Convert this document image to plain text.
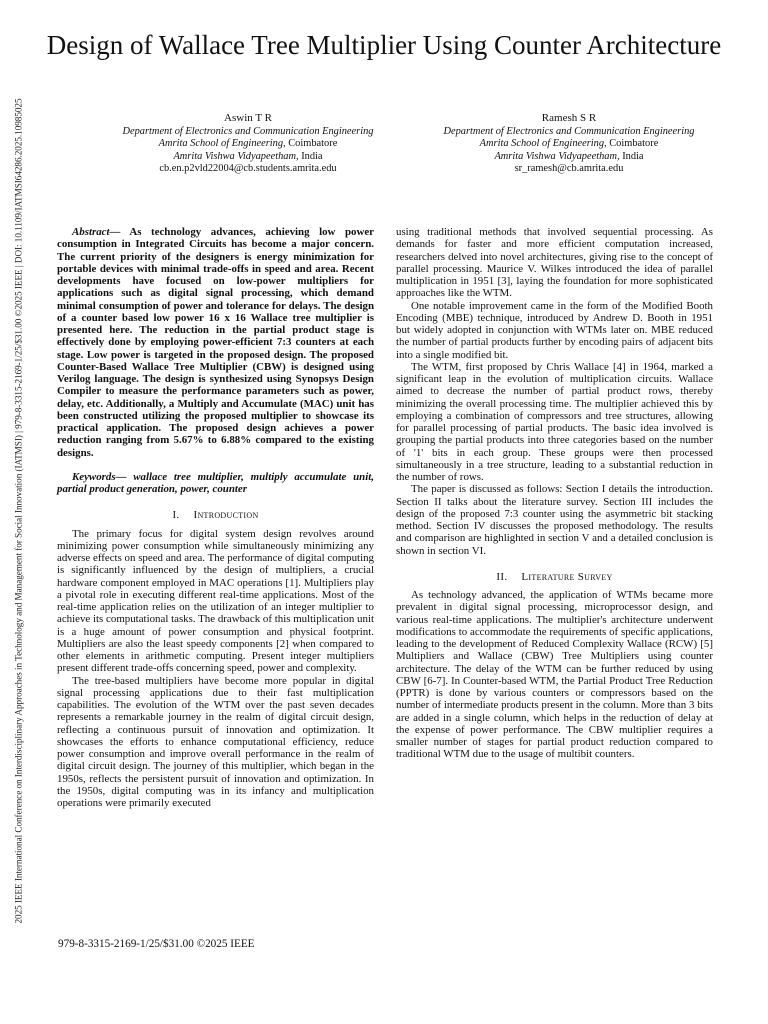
2025 IEEE International Conference on Interdisciplinary Approaches in Technology and Management for Social Innovation (IATMSI) | 979-8-3315-2169-1/25/$31.00 ©2025 IEEE | DOI: 10.1109/IATMSI64286.2025.10985025
Design of Wallace Tree Multiplier Using Counter Architecture
Aswin T R
Department of Electronics and Communication Engineering
Amrita School of Engineering, Coimbatore
Amrita Vishwa Vidyapeetham, India
cb.en.p2vld22004@cb.students.amrita.edu
Ramesh S R
Department of Electronics and Communication Engineering
Amrita School of Engineering, Coimbatore
Amrita Vishwa Vidyapeetham, India
sr_ramesh@cb.amrita.edu

Abstract— As technology advances, achieving low power consumption in Integrated Circuits has become a major concern. The current priority of the designers is energy minimization for portable devices with minimal trade-offs in speed and area. Recent developments have focused on low-power multipliers for applications such as digital signal processing, which demand minimal consumption of power and tolerance for delays. The design of a counter based low power 16 x 16 Wallace tree multiplier is presented here. The reduction in the partial product stage is effectively done by employing power-efficient 7:3 counters at each stage. Low power is targeted in the proposed design. The proposed Counter-Based Wallace Tree Multiplier (CBW) is designed using Verilog language. The design is synthesized using Synopsys Design Compiler to measure the performance parameters such as power, delay, etc. Additionally, a Multiply and Accumulate (MAC) unit has been constructed utilizing the proposed multiplier to showcase its practical application. The proposed design achieves a power reduction ranging from 5.67% to 6.88% compared to the existing designs.

Keywords— wallace tree multiplier, multiply accumulate unit, partial product generation, power, counter

I. Introduction

The primary focus for digital system design revolves around minimizing power consumption while simultaneously minimizing any adverse effects on speed and area. The performance of digital computing is significantly influenced by the design of multipliers, a crucial hardware component employed in MAC operations [1]. Multipliers play a pivotal role in executing different real-time applications. Most of the real-time application relies on the utilization of an integer multiplier to achieve its computational tasks. The drawback of this multiplication unit is a huge amount of power consumption and physical footprint. Multipliers are also the least speedy components [2] when compared to other elements in arithmetic computing. Present integer multipliers present different trade-offs concerning speed, power and complexity.

The tree-based multipliers have become more popular in digital signal processing applications due to their fast multiplication capabilities. The evolution of the WTM over the past seven decades represents a remarkable journey in the realm of digital circuit design, reflecting a continuous pursuit of innovation and optimization. It showcases the efforts to enhance computational efficiency, reduce power consumption and improve overall performance in the realm of digital circuit design. The journey of this multiplier, which began in the 1950s, reflects the persistent pursuit of innovation and optimization. In the 1950s, digital computing was in its infancy and multiplication operations were primarily executed

using traditional methods that involved sequential processing. As demands for faster and more efficient computation increased, researchers delved into novel architectures, giving rise to the concept of parallel processing. Maurice V. Wilkes introduced the idea of parallel multiplication in 1951 [3], laying the foundation for more sophisticated approaches like the WTM.

One notable improvement came in the form of the Modified Booth Encoding (MBE) technique, introduced by Andrew D. Booth in 1951 but widely adopted in conjunction with WTMs later on. MBE reduced the number of partial products further by encoding pairs of adjacent bits into a single modified bit.

The WTM, first proposed by Chris Wallace [4] in 1964, marked a significant leap in the evolution of multiplication circuits. Wallace aimed to decrease the number of partial product rows, thereby minimizing the overall processing time. The multiplier achieved this by employing a combination of compressors and tree structures, allowing for parallel processing of partial products. The basic idea involved is grouping the partial products into three categories based on the number of '1' bits in each group. These groups were then processed simultaneously in a tree structure, leading to a substantial reduction in the number of rows.

The paper is discussed as follows: Section I details the introduction. Section II talks about the literature survey. Section III includes the design of the proposed 7:3 counter using the asymmetric bit stacking method. Section IV discusses the proposed methodology. The results and comparison are highlighted in section V and a detailed conclusion is shown in section VI.

II. Literature Survey

As technology advanced, the application of WTMs became more prevalent in digital signal processing, microprocessor design, and various real-time applications. The multiplier's architecture underwent modifications to accommodate the requirements of specific applications, leading to the development of Reduced Complexity Wallace (RCW) [5] Multipliers and Wallace (CBW) Tree Multipliers using counter architecture. The delay of the WTM can be further reduced by using CBW [6-7]. In Counter-based WTM, the Partial Product Tree Reduction (PPTR) is done by various counters or compressors based on the number of intermediate products present in the column. More than 3 bits are added in a single column, which helps in the reduction of delay at the expense of power performance. The CBW multiplier requires a smaller number of stages for partial product reduction compared to traditional WTM due to the usage of multibit counters.

979-8-3315-2169-1/25/$31.00 ©2025 IEEE
